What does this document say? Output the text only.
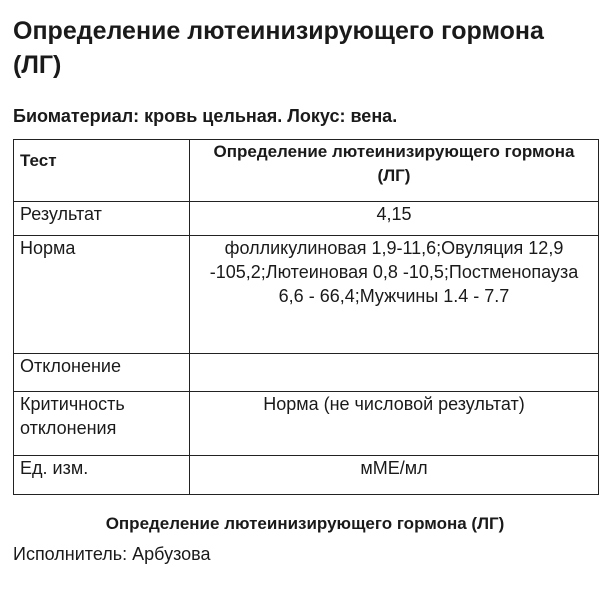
Определение лютеинизирующего гормона (ЛГ)

Биоматериал: кровь цельная. Локус: вена.

Тест	Определение лютеинизирующего гормона (ЛГ)
Результат	4,15
Норма	фолликулиновая 1,9-11,6;Овуляция 12,9 -105,2;Лютеиновая 0,8 -10,5;Постменопауза 6,6 - 66,4;Мужчины 1.4 - 7.7
Отклонение	
Критичность отклонения	Норма (не числовой результат)
Ед. изм.	мМЕ/мл

Определение лютеинизирующего гормона (ЛГ)

Исполнитель: Арбузова
